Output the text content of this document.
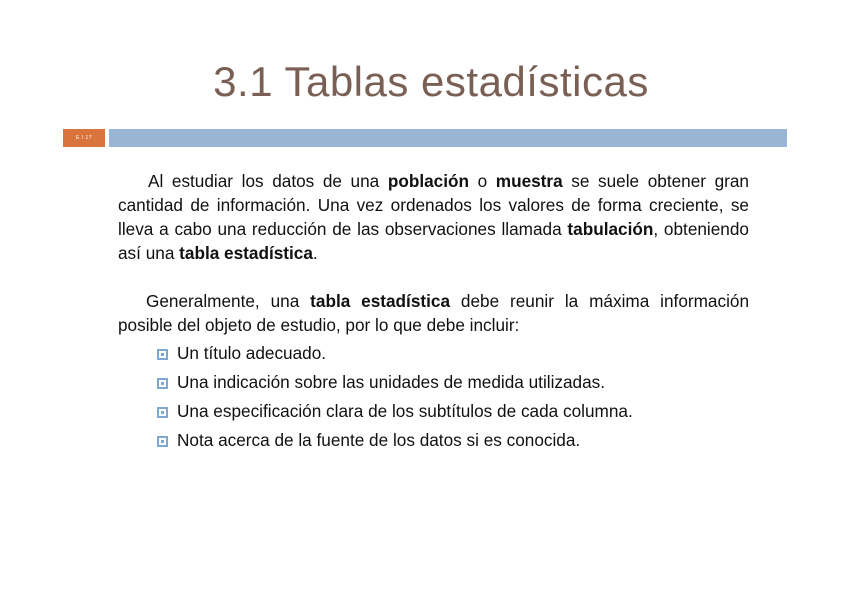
3.1 Tablas estadísticas
E I 17

Al estudiar los datos de una población o muestra se suele obtener gran cantidad de información. Una vez ordenados los valores de forma creciente, se lleva a cabo una reducción de las observaciones llamada tabulación, obteniendo así una tabla estadística.

Generalmente, una tabla estadística debe reunir la máxima información posible del objeto de estudio, por lo que debe incluir:

Un título adecuado.
Una indicación sobre las unidades de medida utilizadas.
Una especificación clara de los subtítulos de cada columna.
Nota acerca de la fuente de los datos si es conocida.
